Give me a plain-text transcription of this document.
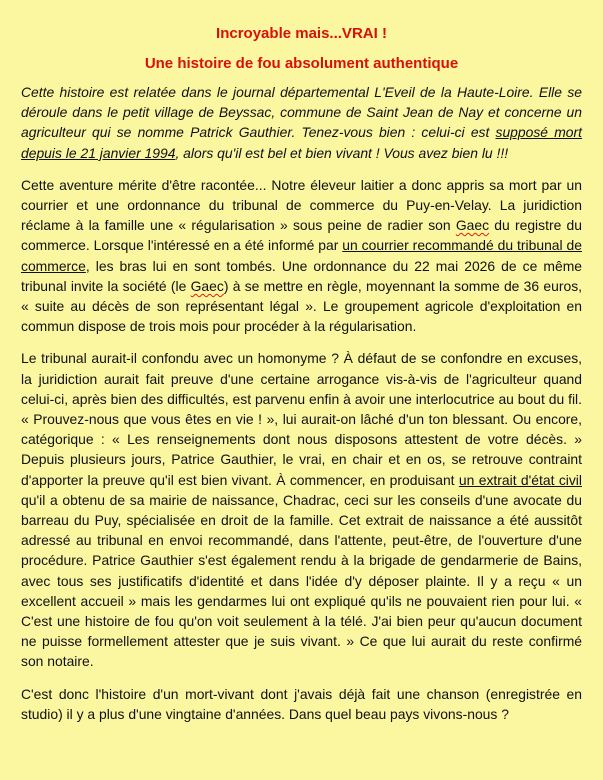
Incroyable mais...VRAI !
Une histoire de fou absolument authentique

Cette histoire est relatée dans le journal départemental L'Eveil de la Haute-Loire. Elle se déroule dans le petit village de Beyssac, commune de Saint Jean de Nay et concerne un agriculteur qui se nomme Patrick Gauthier. Tenez-vous bien : celui-ci est supposé mort depuis le 21 janvier 1994, alors qu'il est bel et bien vivant ! Vous avez bien lu !!!

Cette aventure mérite d'être racontée... Notre éleveur laitier a donc appris sa mort par un courrier et une ordonnance du tribunal de commerce du Puy-en-Velay. La juridiction réclame à la famille une « régularisation » sous peine de radier son Gaec du registre du commerce. Lorsque l'intéressé en a été informé par un courrier recommandé du tribunal de commerce, les bras lui en sont tombés. Une ordonnance du 22 mai 2026 de ce même tribunal invite la société (le Gaec) à se mettre en règle, moyennant la somme de 36 euros, « suite au décès de son représentant légal ». Le groupement agricole d'exploitation en commun dispose de trois mois pour procéder à la régularisation.

Le tribunal aurait-il confondu avec un homonyme ? À défaut de se confondre en excuses, la juridiction aurait fait preuve d'une certaine arrogance vis-à-vis de l'agriculteur quand celui-ci, après bien des difficultés, est parvenu enfin à avoir une interlocutrice au bout du fil. « Prouvez-nous que vous êtes en vie ! », lui aurait-on lâché d'un ton blessant. Ou encore, catégorique : « Les renseignements dont nous disposons attestent de votre décès. » Depuis plusieurs jours, Patrice Gauthier, le vrai, en chair et en os, se retrouve contraint d'apporter la preuve qu'il est bien vivant. À commencer, en produisant un extrait d'état civil qu'il a obtenu de sa mairie de naissance, Chadrac, ceci sur les conseils d'une avocate du barreau du Puy, spécialisée en droit de la famille. Cet extrait de naissance a été aussitôt adressé au tribunal en envoi recommandé, dans l'attente, peut-être, de l'ouverture d'une procédure. Patrice Gauthier s'est également rendu à la brigade de gendarmerie de Bains, avec tous ses justificatifs d'identité et dans l'idée d'y déposer plainte. Il y a reçu « un excellent accueil » mais les gendarmes lui ont expliqué qu'ils ne pouvaient rien pour lui. « C'est une histoire de fou qu'on voit seulement à la télé. J'ai bien peur qu'aucun document ne puisse formellement attester que je suis vivant. » Ce que lui aurait du reste confirmé son notaire.

C'est donc l'histoire d'un mort-vivant dont j'avais déjà fait une chanson (enregistrée en studio) il y a plus d'une vingtaine d'années. Dans quel beau pays vivons-nous ?
